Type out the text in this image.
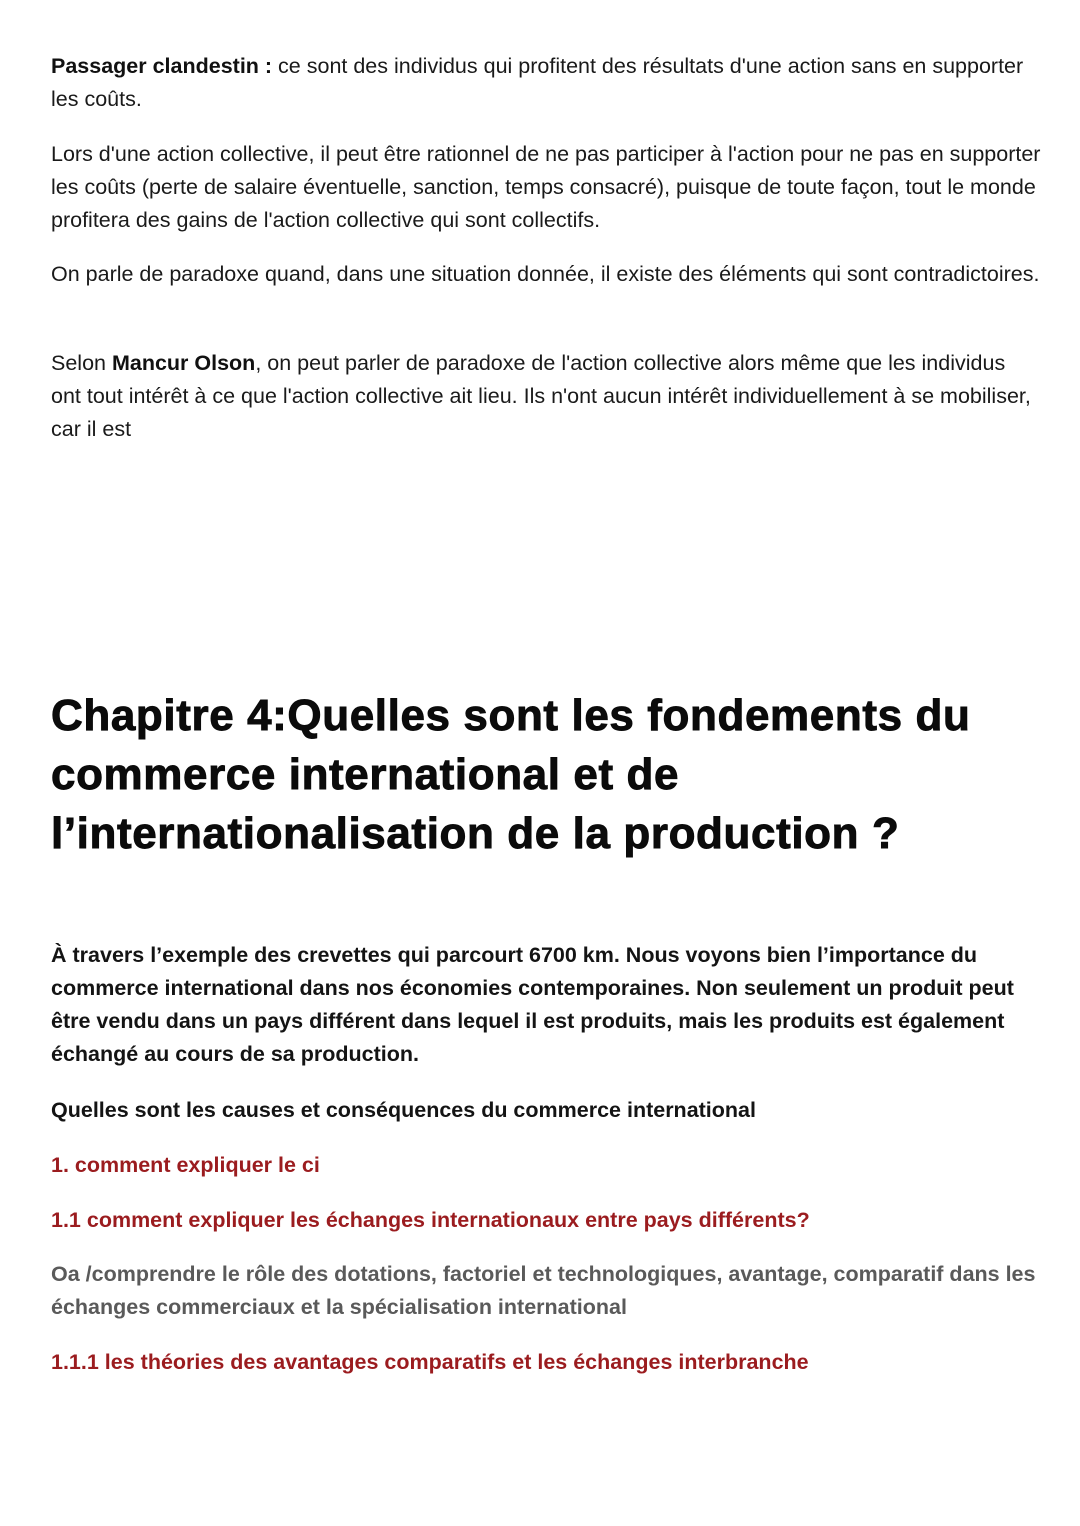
Passager clandestin : ce sont des individus qui profitent des résultats d'une action sans en supporter les coûts.

Lors d'une action collective, il peut être rationnel de ne pas participer à l'action pour ne pas en supporter les coûts (perte de salaire éventuelle, sanction, temps consacré), puisque de toute façon, tout le monde profitera des gains de l'action collective qui sont collectifs.

On parle de paradoxe quand, dans une situation donnée, il existe des éléments qui sont contradictoires.

Selon Mancur Olson, on peut parler de paradoxe de l'action collective alors même que les individus ont tout intérêt à ce que l'action collective ait lieu. Ils n'ont aucun intérêt individuellement à se mobiliser, car il est

Chapitre 4:Quelles sont les fondements du commerce international et de l’internationalisation de la production ?

À travers l’exemple des crevettes qui parcourt 6700 km. Nous voyons bien l’importance du commerce international dans nos économies contemporaines. Non seulement un produit peut être vendu dans un pays différent dans lequel il est produits, mais les produits est également échangé au cours de sa production.

Quelles sont les causes et conséquences du commerce international

1. comment expliquer le ci

1.1 comment expliquer les échanges internationaux entre pays différents?

Oa /comprendre le rôle des dotations, factoriel et technologiques, avantage, comparatif dans les échanges commerciaux et la spécialisation international

1.1.1 les théories des avantages comparatifs et les échanges interbranche
